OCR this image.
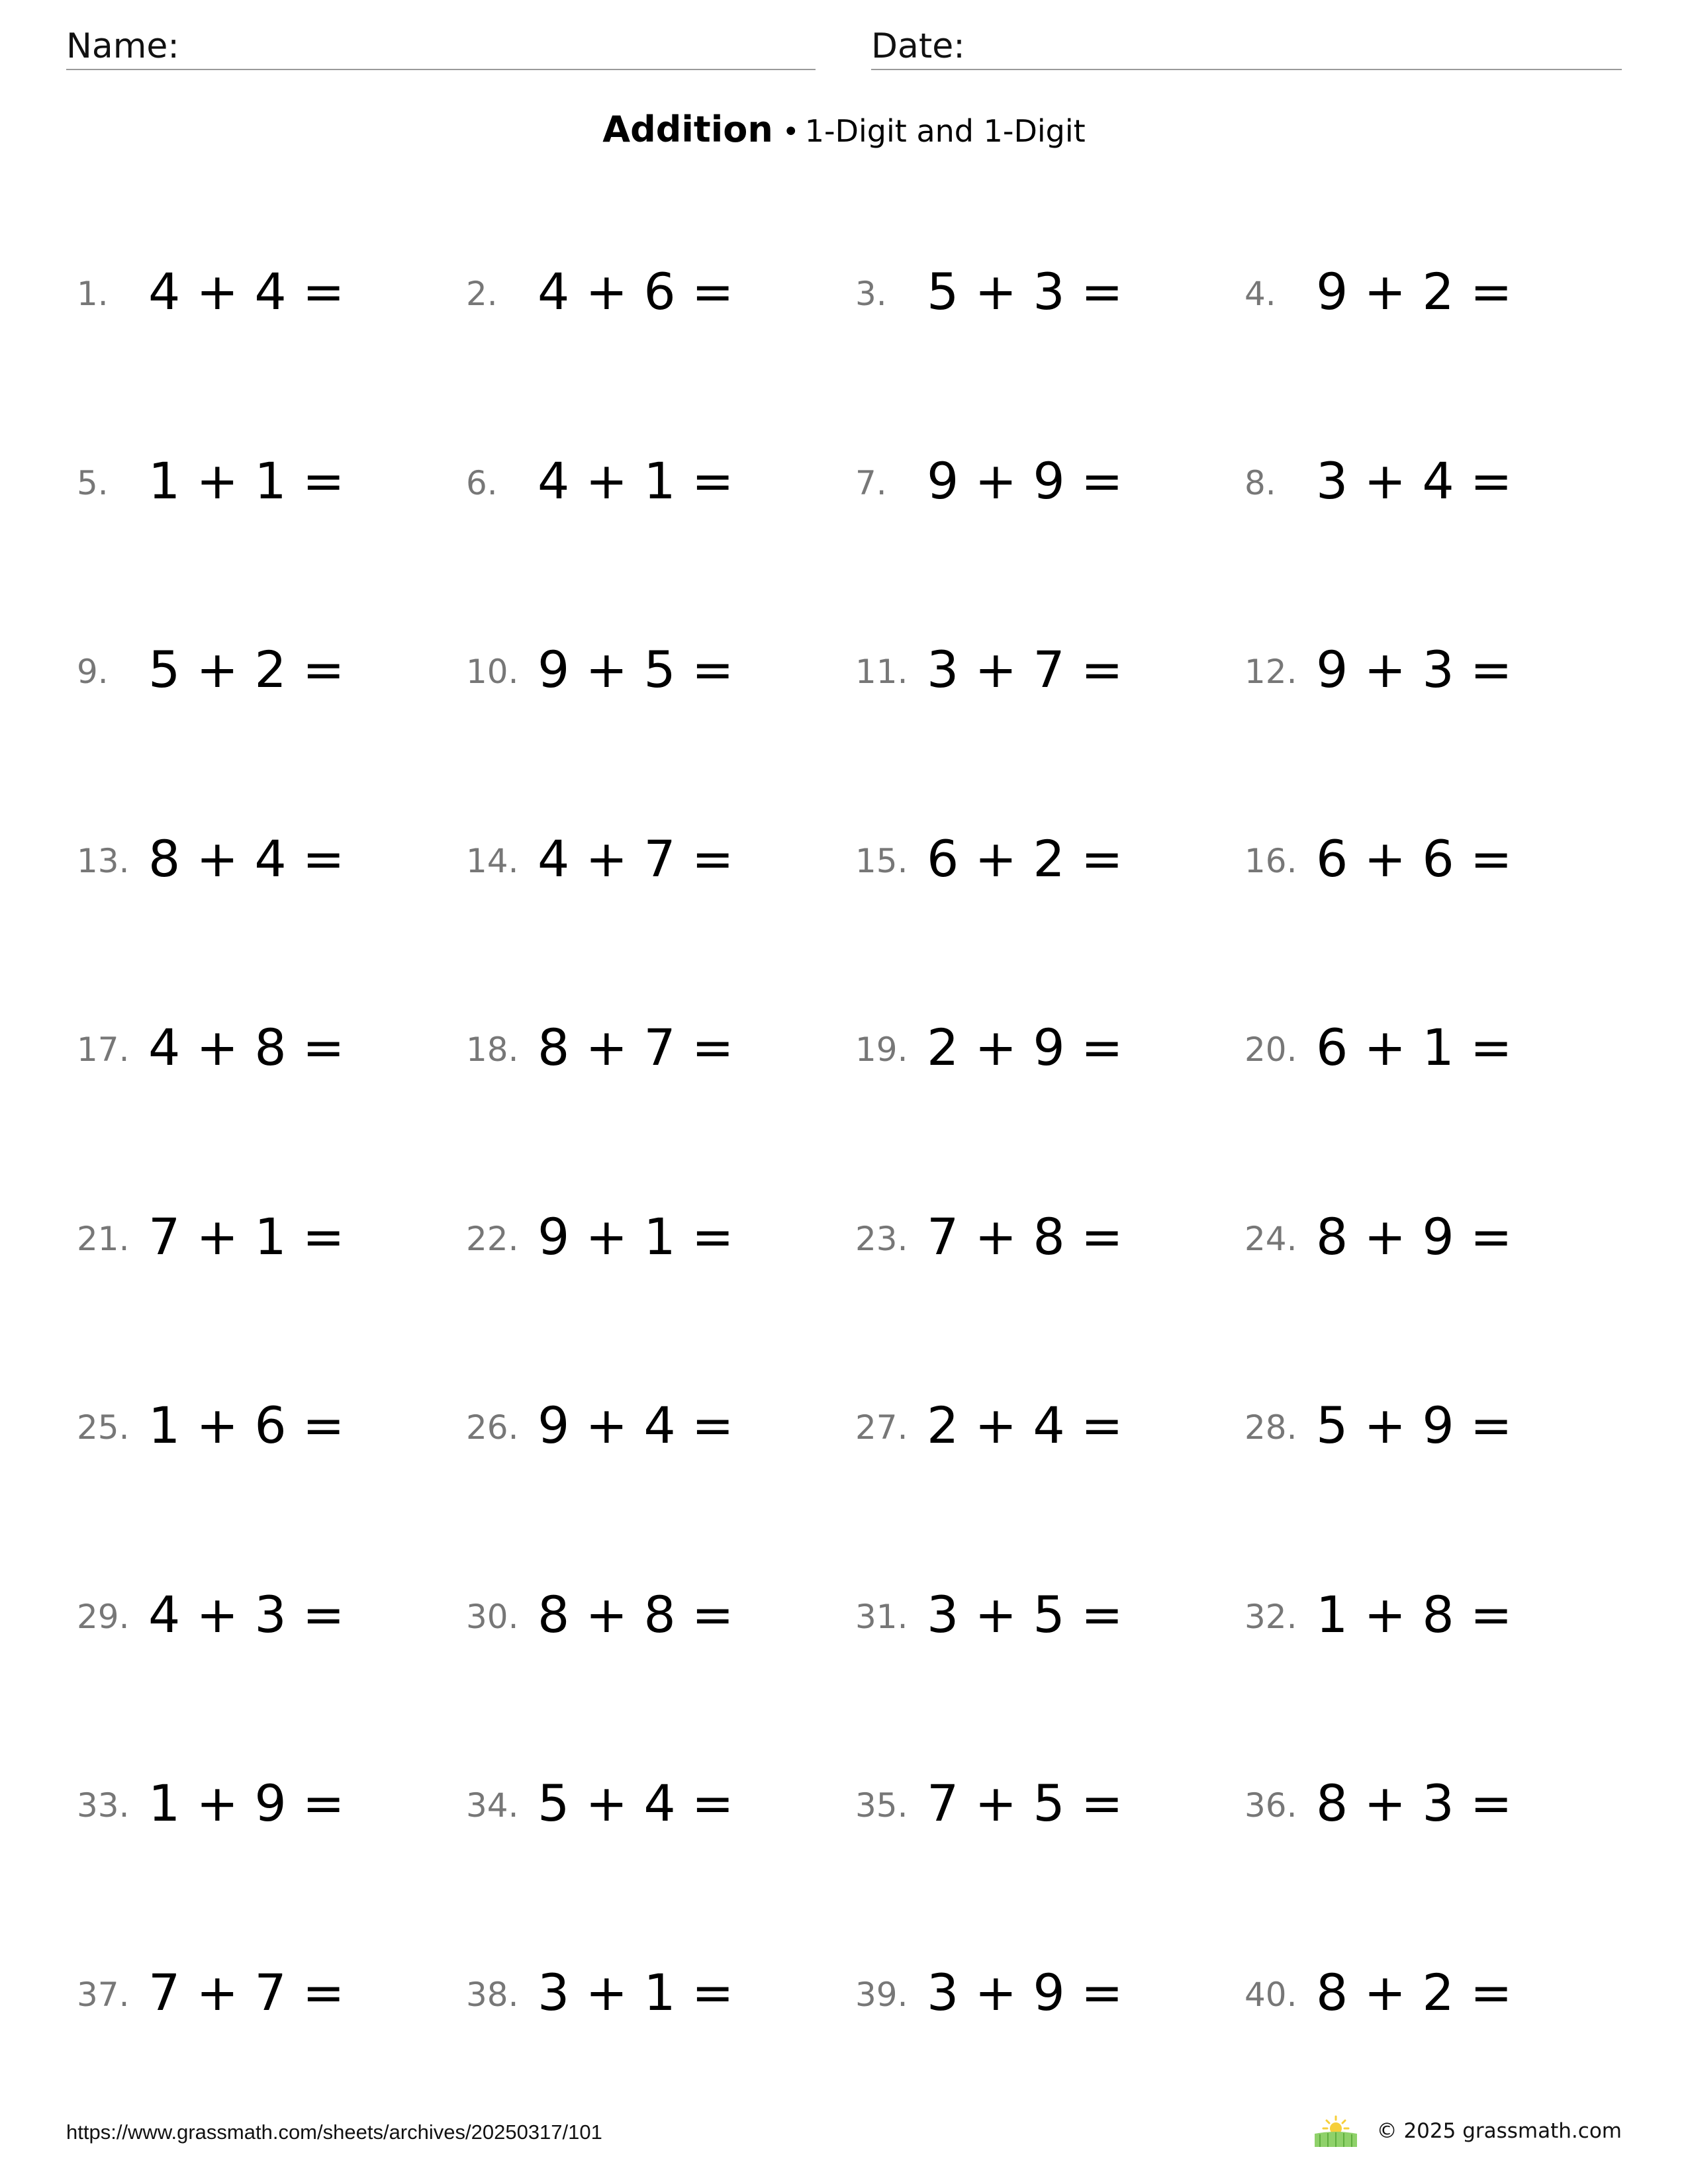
Name:	Date:
Addition • 1-Digit and 1-Digit
1. 4 + 4 =	2. 4 + 6 =	3. 5 + 3 =	4. 9 + 2 =
5. 1 + 1 =	6. 4 + 1 =	7. 9 + 9 =	8. 3 + 4 =
9. 5 + 2 =	10. 9 + 5 =	11. 3 + 7 =	12. 9 + 3 =
13. 8 + 4 =	14. 4 + 7 =	15. 6 + 2 =	16. 6 + 6 =
17. 4 + 8 =	18. 8 + 7 =	19. 2 + 9 =	20. 6 + 1 =
21. 7 + 1 =	22. 9 + 1 =	23. 7 + 8 =	24. 8 + 9 =
25. 1 + 6 =	26. 9 + 4 =	27. 2 + 4 =	28. 5 + 9 =
29. 4 + 3 =	30. 8 + 8 =	31. 3 + 5 =	32. 1 + 8 =
33. 1 + 9 =	34. 5 + 4 =	35. 7 + 5 =	36. 8 + 3 =
37. 7 + 7 =	38. 3 + 1 =	39. 3 + 9 =	40. 8 + 2 =
https://www.grassmath.com/sheets/archives/20250317/101	© 2025 grassmath.com
